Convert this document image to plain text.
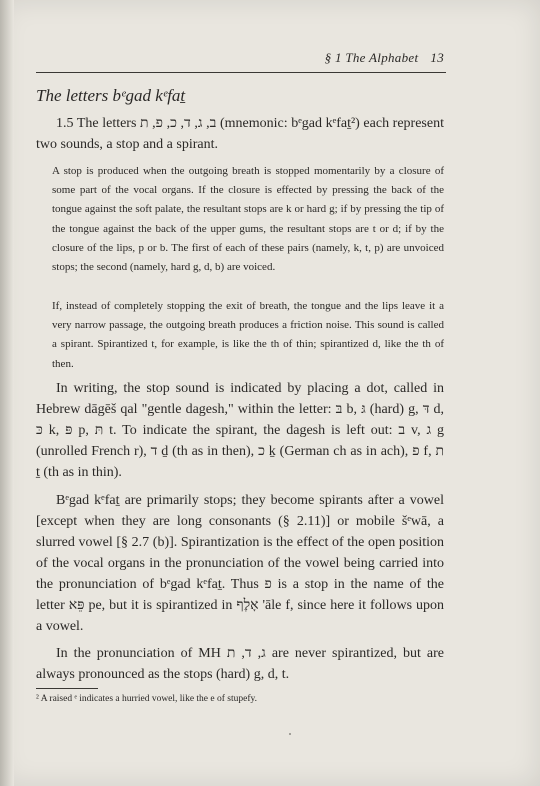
§ 1 The Alphabet 13
The letters bᵉgad kᵉfat̠
1.5 The letters ב, ג, ד, כ, פ, ת (mnemonic: bᵉgad kᵉfat̠²) each represent two sounds, a stop and a spirant.
A stop is produced when the outgoing breath is stopped momentarily by a closure of some part of the vocal organs. If the closure is effected by pressing the back of the tongue against the soft palate, the resultant stops are k or hard g; if by pressing the tip of the tongue against the back of the upper gums, the resultant stops are t or d; if by the closure of the lips, p or b. The first of each of these pairs (namely, k, t, p) are unvoiced stops; the second (namely, hard g, d, b) are voiced.
If, instead of completely stopping the exit of breath, the tongue and the lips leave it a very narrow passage, the outgoing breath produces a friction noise. This sound is called a spirant. Spirantized t, for example, is like the th of thin; spirantized d, like the th of then.
In writing, the stop sound is indicated by placing a dot, called in Hebrew dāgēš qal "gentle dagesh," within the letter: בּ b, גּ (hard) g, דּ d, כּ k, פּ p, תּ t. To indicate the spirant, the dagesh is left out: ב v, ג g (unrolled French r), ד d̠ (th as in then), כ k̠ (German ch as in ach), פ f, ת t̠ (th as in thin).
Bᵉgad kᵉfat̠ are primarily stops; they become spirants after a vowel [except when they are long consonants (§ 2.11)] or mobile šᵉwā, a slurred vowel [§ 2.7 (b)]. Spirantization is the effect of the open position of the vocal organs in the pronunciation of the vowel being carried into the pronunciation of bᵉgad kᵉfat̠. Thus פ is a stop in the name of the letter פֵּא pe, but it is spirantized in אָלֶף 'āle f, since here it follows upon a vowel.
In the pronunciation of MH ג, ד, ת are never spirantized, but are always pronounced as the stops (hard) g, d, t.
² A raised ᵉ indicates a hurried vowel, like the e of stupefy.
